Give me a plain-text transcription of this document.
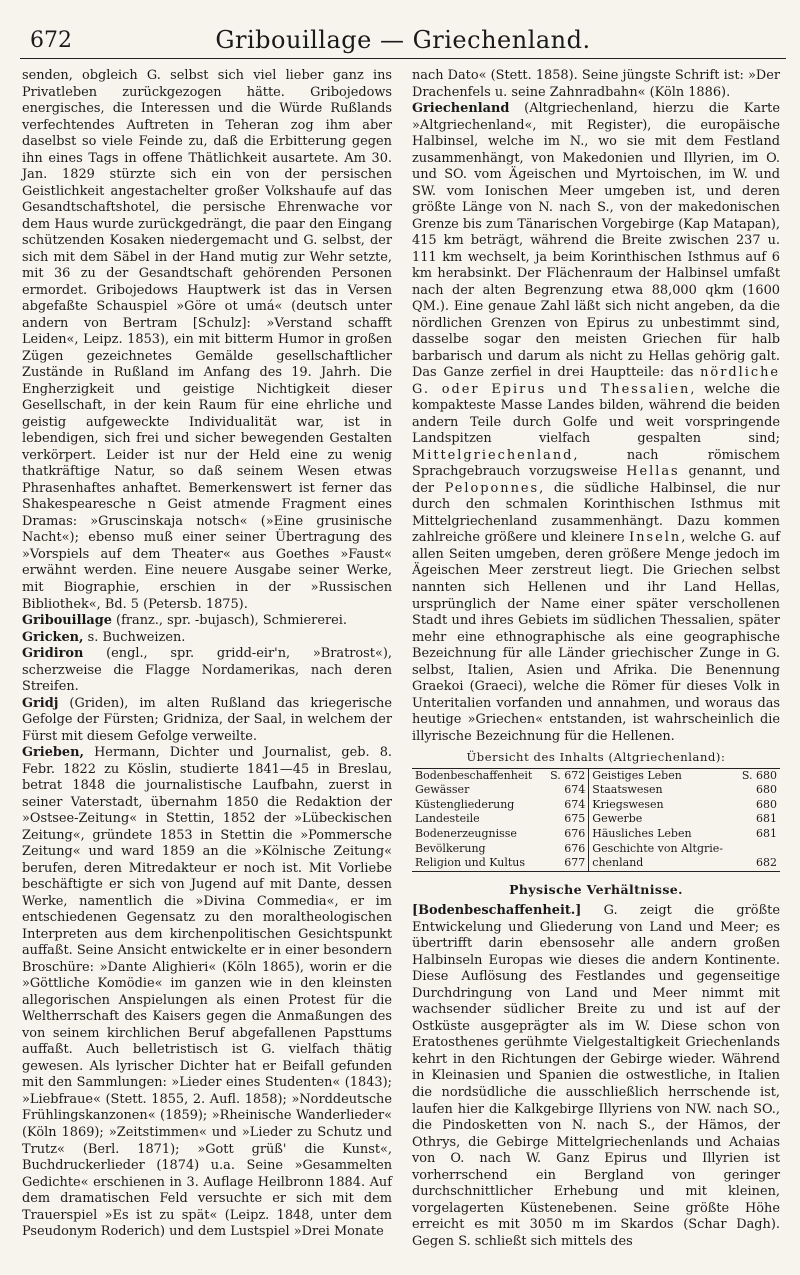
672	Gribouillage — Griechenland.

senden, obgleich G. selbst sich viel lieber ganz ins Privatleben zurückgezogen hätte. Gribojedows energisches, die Interessen und die Würde Rußlands verfechtendes Auftreten in Teheran zog ihm aber daselbst so viele Feinde zu, daß die Erbitterung gegen ihn eines Tags in offene Thätlichkeit ausartete. Am 30. Jan. 1829 stürzte sich ein von der persischen Geistlichkeit angestachelter großer Volkshaufe auf das Gesandtschaftshotel, die persische Ehrenwache vor dem Haus wurde zurückgedrängt, die paar den Eingang schützenden Kosaken niedergemacht und G. selbst, der sich mit dem Säbel in der Hand mutig zur Wehr setzte, mit 36 zu der Gesandtschaft gehörenden Personen ermordet. Gribojedows Hauptwerk ist das in Versen abgefaßte Schauspiel »Göre ot umá« (deutsch unter andern von Bertram [Schulz]: »Verstand schafft Leiden«, Leipz. 1853), ein mit bitterm Humor in großen Zügen gezeichnetes Gemälde gesellschaftlicher Zustände in Rußland im Anfang des 19. Jahrh. Die Engherzigkeit und geistige Nichtigkeit dieser Gesellschaft, in der kein Raum für eine ehrliche und geistig aufgeweckte Individualität war, ist in lebendigen, sich frei und sicher bewegenden Gestalten verkörpert. Leider ist nur der Held eine zu wenig thatkräftige Natur, so daß seinem Wesen etwas Phrasenhaftes anhaftet. Bemerkenswert ist ferner das Shakespearesche n Geist atmende Fragment eines Dramas: »Gruscinskaja notsch« (»Eine grusinische Nacht«); ebenso muß einer seiner Übertragung des »Vorspiels auf dem Theater« aus Goethes »Faust« erwähnt werden. Eine neuere Ausgabe seiner Werke, mit Biographie, erschien in der »Russischen Bibliothek«, Bd. 5 (Petersb. 1875).

Gribouillage (franz., spr. -bujasch), Schmiererei.

Gricken, s. Buchweizen.

Gridiron (engl., spr. gridd-eir'n, »Bratrost«), scherzweise die Flagge Nordamerikas, nach deren Streifen.

Gridj (Griden), im alten Rußland das kriegerische Gefolge der Fürsten; Gridniza, der Saal, in welchem der Fürst mit diesem Gefolge verweilte.

Grieben, Hermann, Dichter und Journalist, geb. 8. Febr. 1822 zu Köslin, studierte 1841—45 in Breslau, betrat 1848 die journalistische Laufbahn, zuerst in seiner Vaterstadt, übernahm 1850 die Redaktion der »Ostsee-Zeitung« in Stettin, 1852 der »Lübeckischen Zeitung«, gründete 1853 in Stettin die »Pommersche Zeitung« und ward 1859 an die »Kölnische Zeitung« berufen, deren Mitredakteur er noch ist. Mit Vorliebe beschäftigte er sich von Jugend auf mit Dante, dessen Werke, namentlich die »Divina Commedia«, er im entschiedenen Gegensatz zu den moraltheologischen Interpreten aus dem kirchenpolitischen Gesichtspunkt auffaßt. Seine Ansicht entwickelte er in einer besondern Broschüre: »Dante Alighieri« (Köln 1865), worin er die »Göttliche Komödie« im ganzen wie in den kleinsten allegorischen Anspielungen als einen Protest für die Weltherrschaft des Kaisers gegen die Anmaßungen des von seinem kirchlichen Beruf abgefallenen Papsttums auffaßt. Auch belletristisch ist G. vielfach thätig gewesen. Als lyrischer Dichter hat er Beifall gefunden mit den Sammlungen: »Lieder eines Studenten« (1843); »Liebfraue« (Stett. 1855, 2. Aufl. 1858); »Norddeutsche Frühlingskanzonen« (1859); »Rheinische Wanderlieder« (Köln 1869); »Zeitstimmen« und »Lieder zu Schutz und Trutz« (Berl. 1871); »Gott grüß' die Kunst«, Buchdruckerlieder (1874) u.a. Seine »Gesammelten Gedichte« erschienen in 3. Auflage Heilbronn 1884. Auf dem dramatischen Feld versuchte er sich mit dem Trauerspiel »Es ist zu spät« (Leipz. 1848, unter dem Pseudonym Roderich) und dem Lustspiel »Drei Monate

nach Dato« (Stett. 1858). Seine jüngste Schrift ist: »Der Drachenfels u. seine Zahnradbahn« (Köln 1886).

Griechenland (Altgriechenland, hierzu die Karte »Altgriechenland«, mit Register), die europäische Halbinsel, welche im N., wo sie mit dem Festland zusammenhängt, von Makedonien und Illyrien, im O. und SO. vom Ägeischen und Myrtoischen, im W. und SW. vom Ionischen Meer umgeben ist, und deren größte Länge von N. nach S., von der makedonischen Grenze bis zum Tänarischen Vorgebirge (Kap Matapan), 415 km beträgt, während die Breite zwischen 237 u. 111 km wechselt, ja beim Korinthischen Isthmus auf 6 km herabsinkt. Der Flächenraum der Halbinsel umfaßt nach der alten Begrenzung etwa 88,000 qkm (1600 QM.). Eine genaue Zahl läßt sich nicht angeben, da die nördlichen Grenzen von Epirus zu unbestimmt sind, dasselbe sogar den meisten Griechen für halb barbarisch und darum als nicht zu Hellas gehörig galt. Das Ganze zerfiel in drei Hauptteile: das nördliche G. oder Epirus und Thessalien, welche die kompakteste Masse Landes bilden, während die beiden andern Teile durch Golfe und weit vorspringende Landspitzen vielfach gespalten sind; Mittelgriechenland, nach römischem Sprachgebrauch vorzugsweise Hellas genannt, und der Peloponnes, die südliche Halbinsel, die nur durch den schmalen Korinthischen Isthmus mit Mittelgriechenland zusammenhängt. Dazu kommen zahlreiche größere und kleinere Inseln, welche G. auf allen Seiten umgeben, deren größere Menge jedoch im Ägeischen Meer zerstreut liegt. Die Griechen selbst nannten sich Hellenen und ihr Land Hellas, ursprünglich der Name einer später verschollenen Stadt und ihres Gebiets im südlichen Thessalien, später mehr eine ethnographische als eine geographische Bezeichnung für alle Länder griechischer Zunge in G. selbst, Italien, Asien und Afrika. Die Benennung Graekoi (Graeci), welche die Römer für dieses Volk in Unteritalien vorfanden und annahmen, und woraus das heutige »Griechen« entstanden, ist wahrscheinlich die illyrische Bezeichnung für die Hellenen.

Übersicht des Inhalts (Altgriechenland):
Bodenbeschaffenheit	S. 672	Geistiges Leben	S. 680
Gewässer	674	Staatswesen	680
Küstengliederung	674	Kriegswesen	680
Landesteile	675	Gewerbe	681
Bodenerzeugnisse	676	Häusliches Leben	681
Bevölkerung	676	Geschichte von Altgrie-	
Religion und Kultus	677	chenland	682
Physische Verhältnisse.

[Bodenbeschaffenheit.] G. zeigt die größte Entwickelung und Gliederung von Land und Meer; es übertrifft darin ebensosehr alle andern großen Halbinseln Europas wie dieses die andern Kontinente. Diese Auflösung des Festlandes und gegenseitige Durchdringung von Land und Meer nimmt mit wachsender südlicher Breite zu und ist auf der Ostküste ausgeprägter als im W. Diese schon von Eratosthenes gerühmte Vielgestaltigkeit Griechenlands kehrt in den Richtungen der Gebirge wieder. Während in Kleinasien und Spanien die ostwestliche, in Italien die nordsüdliche die ausschließlich herrschende ist, laufen hier die Kalkgebirge Illyriens von NW. nach SO., die Pindosketten von N. nach S., der Hämos, der Othrys, die Gebirge Mittelgriechenlands und Achaias von O. nach W. Ganz Epirus und Illyrien ist vorherrschend ein Bergland von geringer durchschnittlicher Erhebung und mit kleinen, vorgelagerten Küstenebenen. Seine größte Höhe erreicht es mit 3050 m im Skardos (Schar Dagh). Gegen S. schließt sich mittels des
